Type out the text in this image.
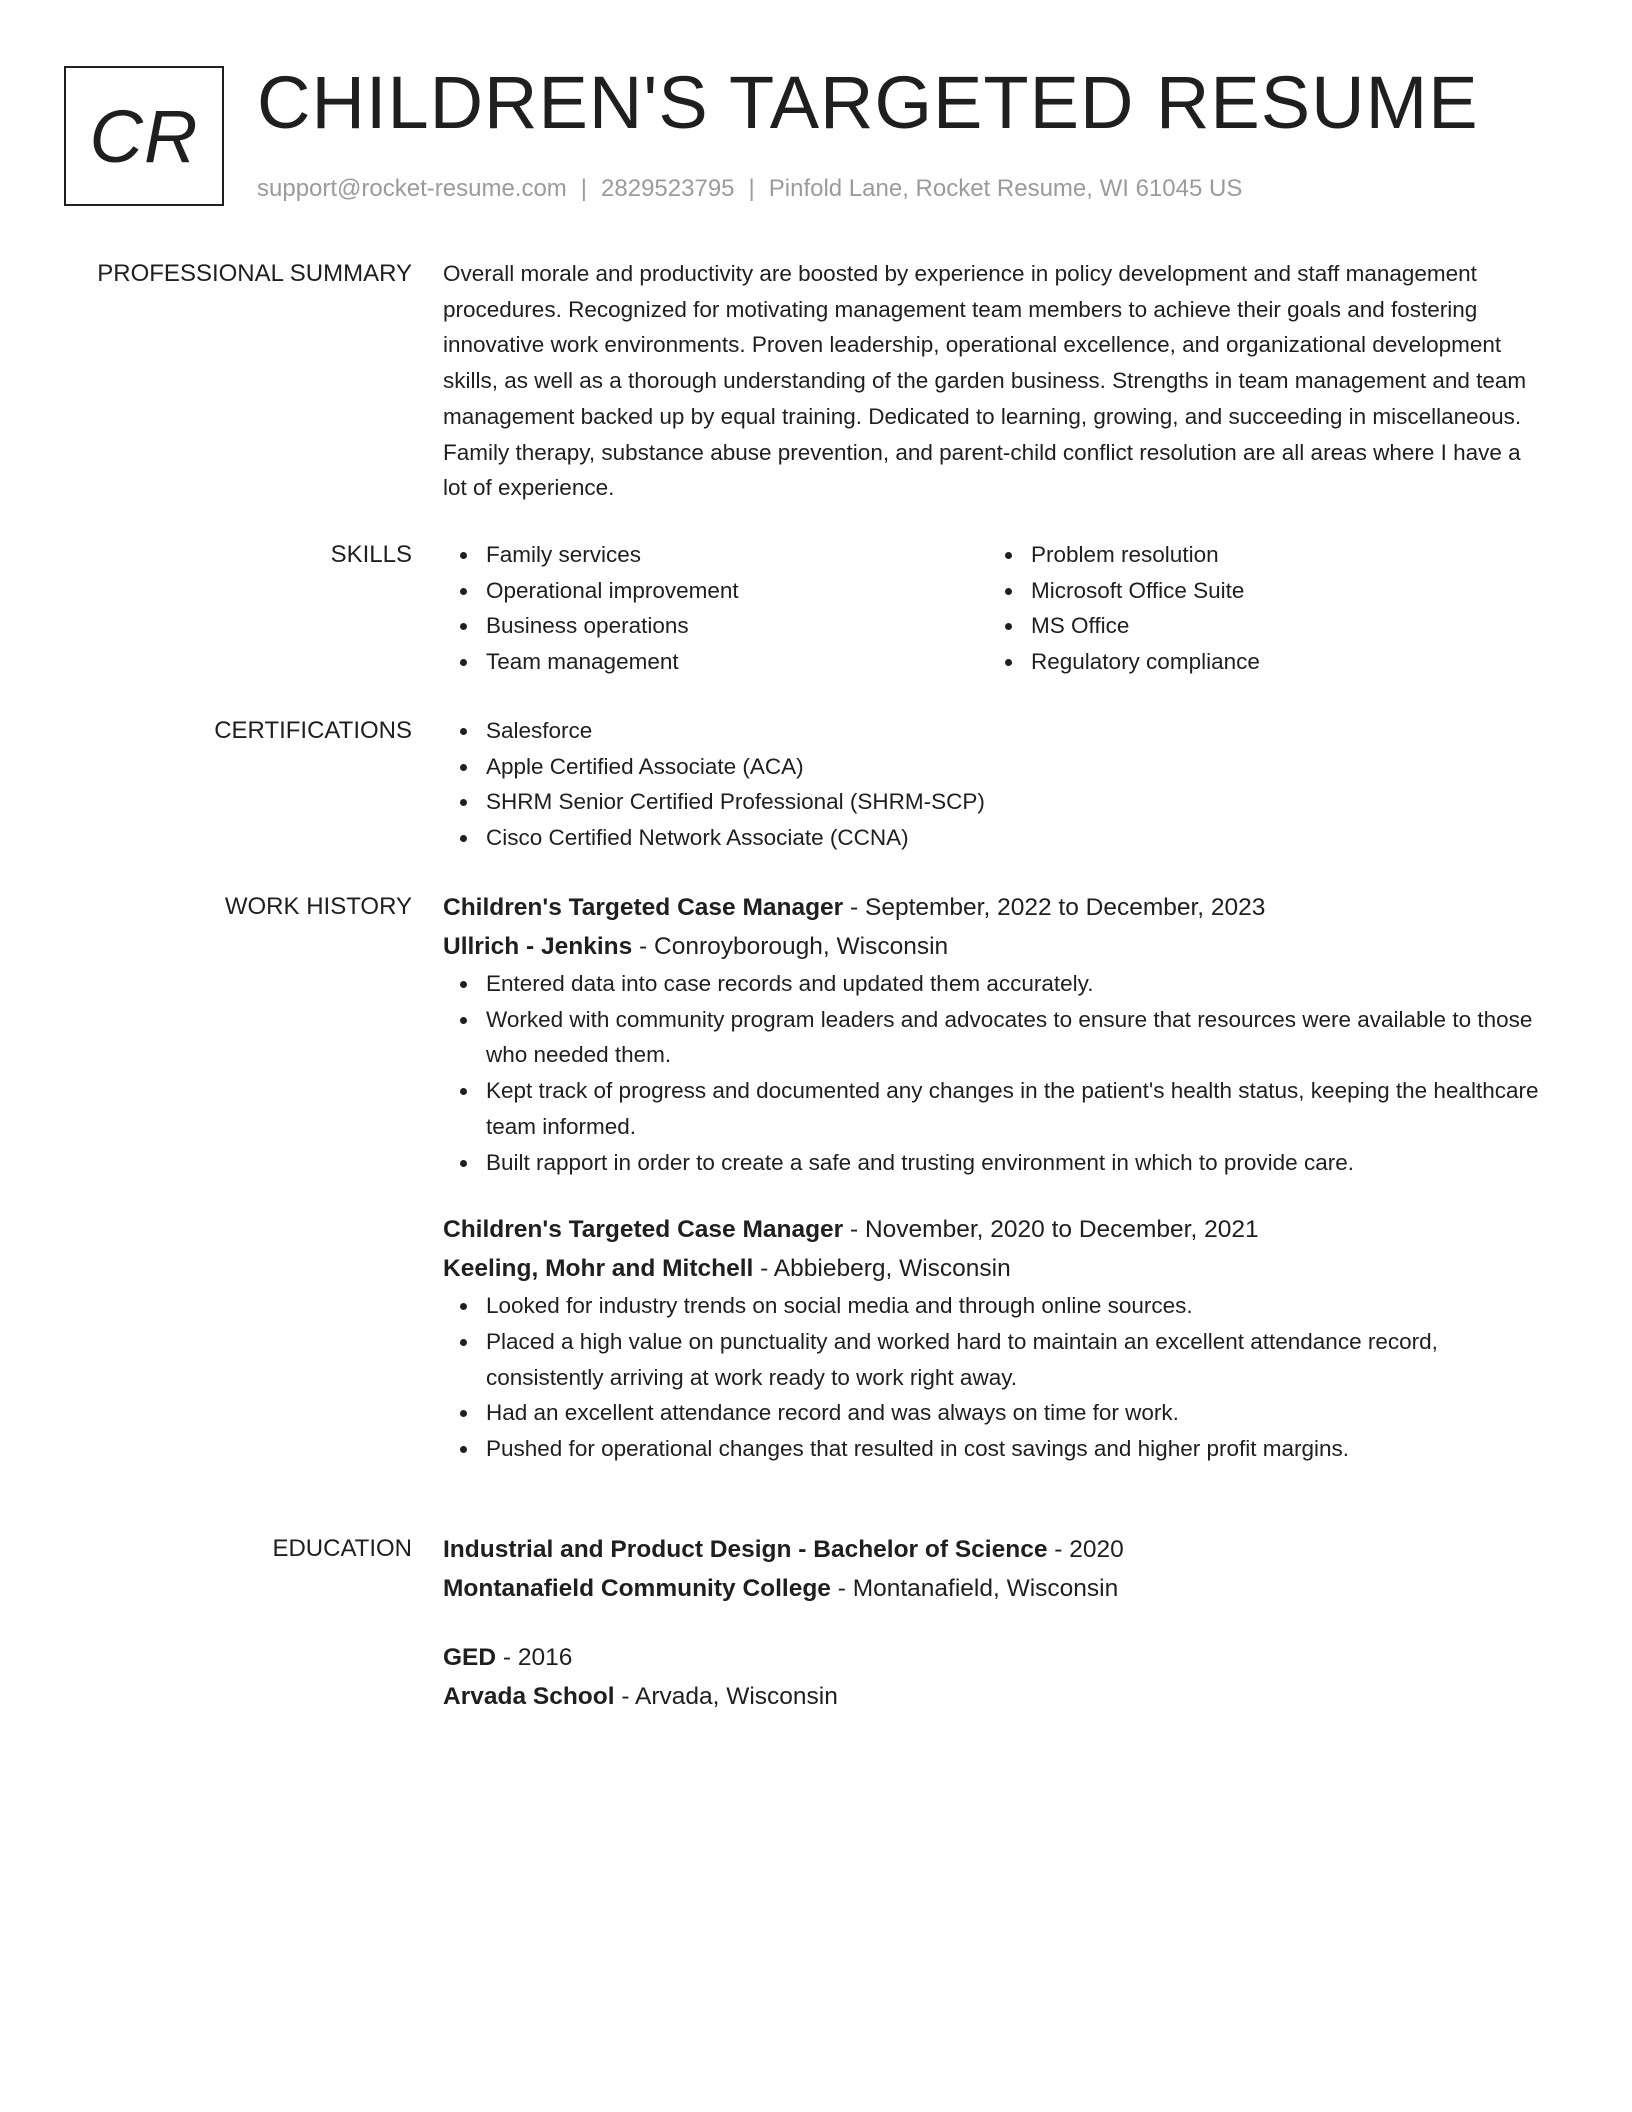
CR CHILDREN'S TARGETED RESUME
support@rocket-resume.com | 2829523795 | Pinfold Lane, Rocket Resume, WI 61045 US
PROFESSIONAL SUMMARY Overall morale and productivity are boosted by experience in policy development and staff management procedures. Recognized for motivating management team members to achieve their goals and fostering innovative work environments. Proven leadership, operational excellence, and organizational development skills, as well as a thorough understanding of the garden business. Strengths in team management and team management backed up by equal training. Dedicated to learning, growing, and succeeding in miscellaneous. Family therapy, substance abuse prevention, and parent-child conflict resolution are all areas where I have a lot of experience.

SKILLS	Family services
Operational improvement
Business operations
Team management
Problem resolution
Microsoft Office Suite
MS Office
Regulatory compliance
CERTIFICATIONS	Salesforce
Apple Certified Associate (ACA)
SHRM Senior Certified Professional (SHRM-SCP)
Cisco Certified Network Associate (CCNA)
WORK HISTORY Children's Targeted Case Manager - September, 2022 to December, 2023
Ullrich - Jenkins - Conroyborough, Wisconsin
Entered data into case records and updated them accurately.
Worked with community program leaders and advocates to ensure that resources were available to those who needed them.
Kept track of progress and documented any changes in the patient's health status, keeping the healthcare team informed.
Built rapport in order to create a safe and trusting environment in which to provide care.
Children's Targeted Case Manager - November, 2020 to December, 2021
Keeling, Mohr and Mitchell - Abbieberg, Wisconsin
Looked for industry trends on social media and through online sources.
Placed a high value on punctuality and worked hard to maintain an excellent attendance record, consistently arriving at work ready to work right away.
Had an excellent attendance record and was always on time for work.
Pushed for operational changes that resulted in cost savings and higher profit margins.
EDUCATION Industrial and Product Design - Bachelor of Science - 2020
Montanafield Community College - Montanafield, Wisconsin
GED - 2016
Arvada School - Arvada, Wisconsin
